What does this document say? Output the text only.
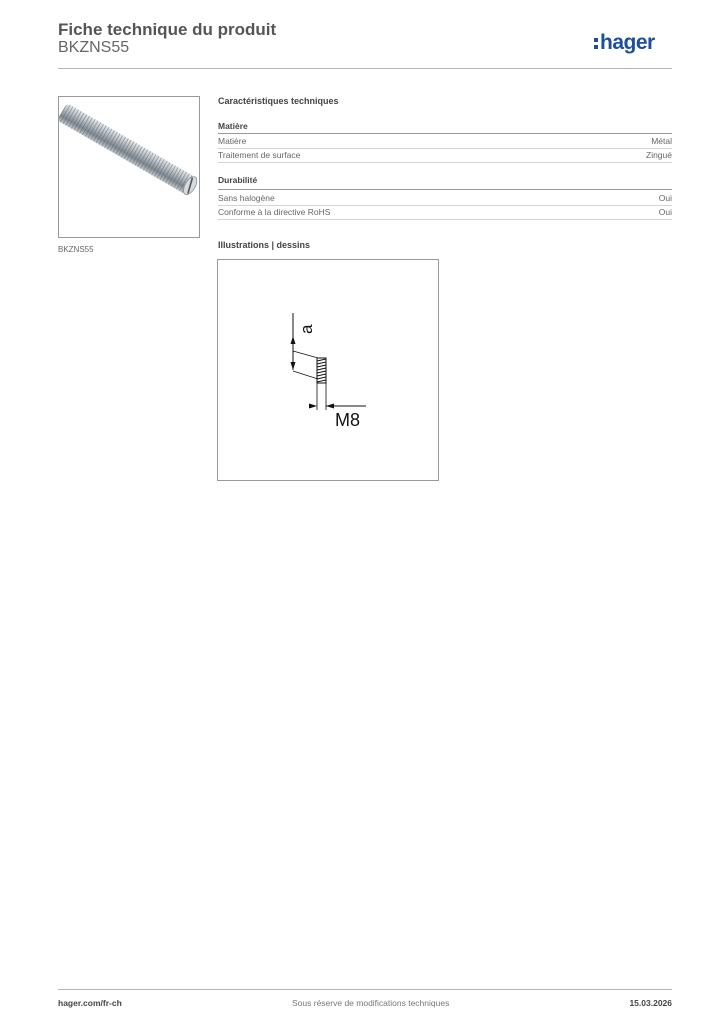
Fiche technique du produit
BKZNS55	hager
BKZNS55
Caractéristiques techniques
Matière
Matière	Métal
Traitement de surface	Zingué
Durabilité
Sans halogène	Oui
Conforme à la directive RoHS	Oui
Illustrations | dessins
a
M8
hager.com/fr-ch	Sous réserve de modifications techniques	15.03.2026
